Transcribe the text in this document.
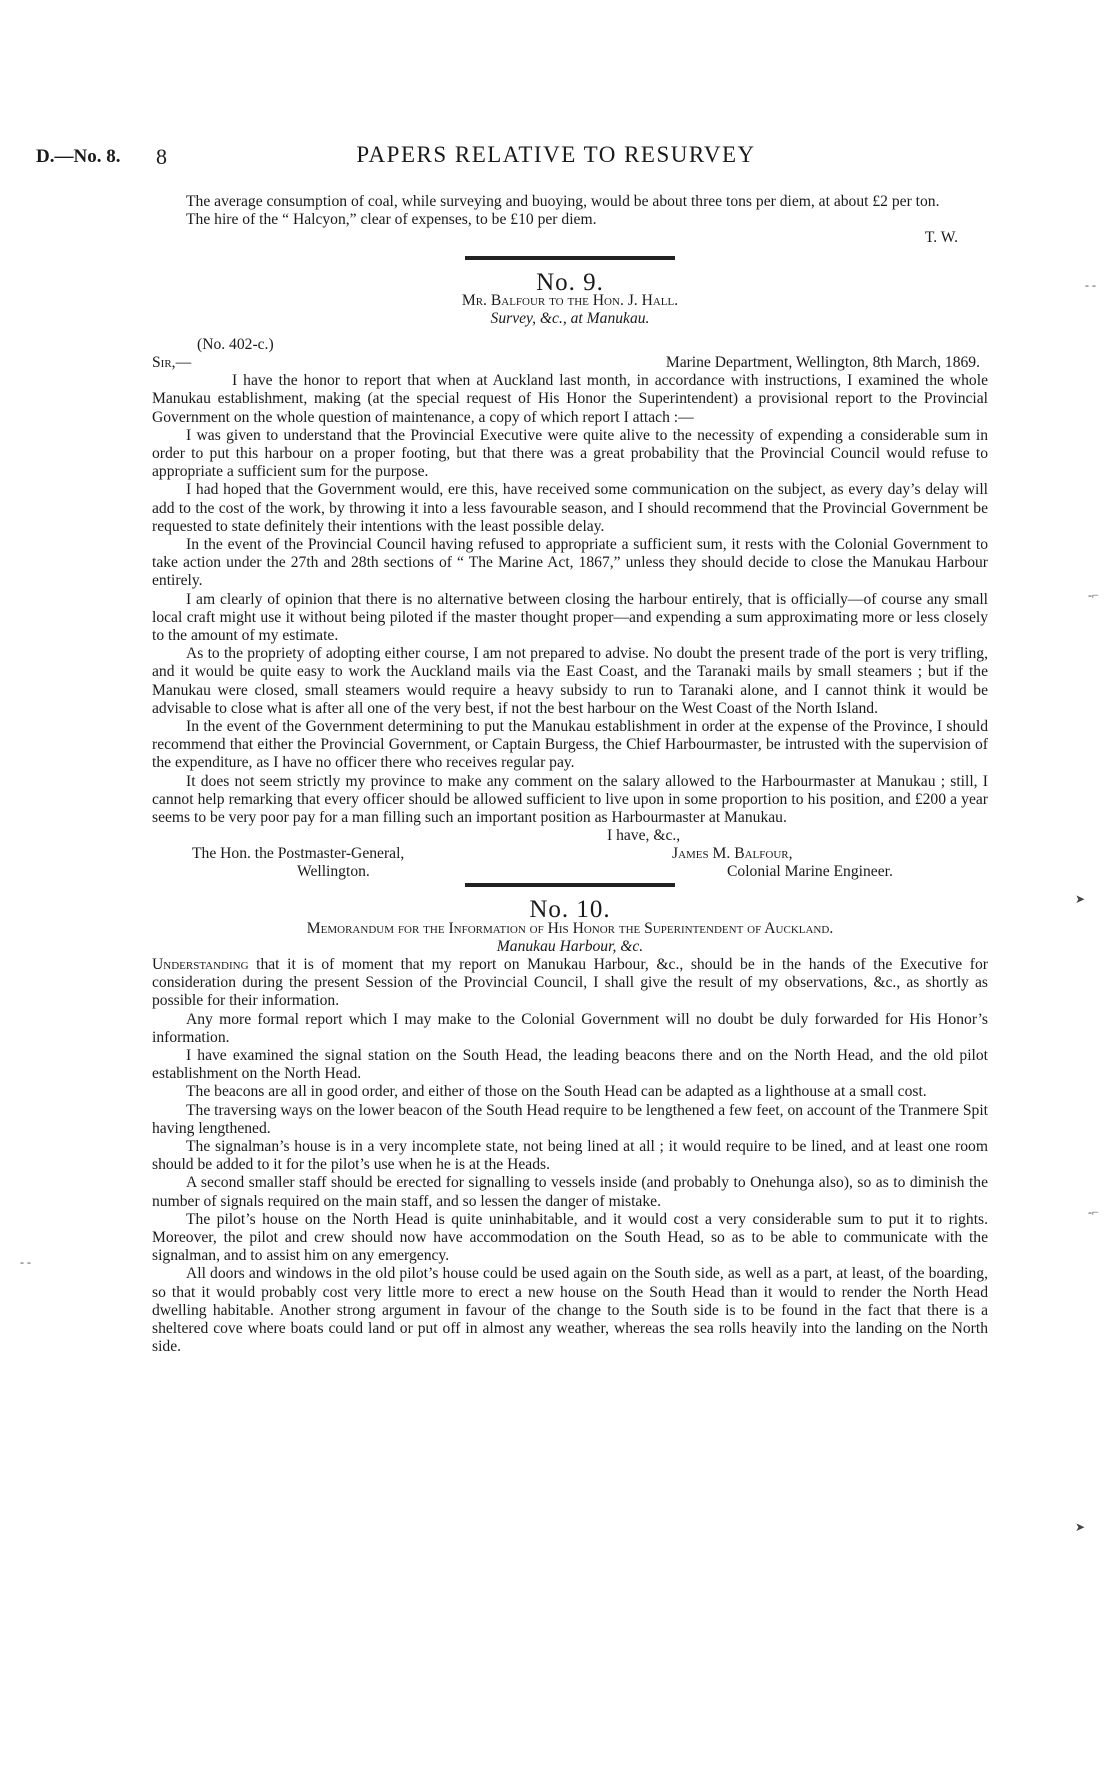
D.—No. 8. 8	PAPERS RELATIVE TO RESURVEY

The average consumption of coal, while surveying and buoying, would be about three tons per diem, at about £2 per ton.

The hire of the “ Halcyon,” clear of expenses, to be £10 per diem.

T. W.
No. 9.
Mr. Balfour to the Hon. J. Hall.
Survey, &c., at Manukau.
(No. 402-c.)
Sir,—	Marine Department, Wellington, 8th March, 1869.

I have the honor to report that when at Auckland last month, in accordance with instructions, I examined the whole Manukau establishment, making (at the special request of His Honor the Superintendent) a provisional report to the Provincial Government on the whole question of maintenance, a copy of which report I attach :—

I was given to understand that the Provincial Executive were quite alive to the necessity of expending a considerable sum in order to put this harbour on a proper footing, but that there was a great probability that the Provincial Council would refuse to appropriate a sufficient sum for the purpose.

I had hoped that the Government would, ere this, have received some communication on the subject, as every day’s delay will add to the cost of the work, by throwing it into a less favourable season, and I should recommend that the Provincial Government be requested to state definitely their intentions with the least possible delay.

In the event of the Provincial Council having refused to appropriate a sufficient sum, it rests with the Colonial Government to take action under the 27th and 28th sections of “ The Marine Act, 1867,” unless they should decide to close the Manukau Harbour entirely.

I am clearly of opinion that there is no alternative between closing the harbour entirely, that is officially—of course any small local craft might use it without being piloted if the master thought proper—and expending a sum approximating more or less closely to the amount of my estimate.

As to the propriety of adopting either course, I am not prepared to advise. No doubt the present trade of the port is very trifling, and it would be quite easy to work the Auckland mails via the East Coast, and the Taranaki mails by small steamers ; but if the Manukau were closed, small steamers would require a heavy subsidy to run to Taranaki alone, and I cannot think it would be advisable to close what is after all one of the very best, if not the best harbour on the West Coast of the North Island.

In the event of the Government determining to put the Manukau establishment in order at the expense of the Province, I should recommend that either the Provincial Government, or Captain Burgess, the Chief Harbourmaster, be intrusted with the supervision of the expenditure, as I have no officer there who receives regular pay.

It does not seem strictly my province to make any comment on the salary allowed to the Harbourmaster at Manukau ; still, I cannot help remarking that every officer should be allowed sufficient to live upon in some proportion to his position, and £200 a year seems to be very poor pay for a man filling such an important position as Harbourmaster at Manukau.

I have, &c.,
The Hon. the Postmaster-General,
Wellington.
James M. Balfour,
Colonial Marine Engineer.
No. 10.
Memorandum for the Information of His Honor the Superintendent of Auckland.
Manukau Harbour, &c.

Understanding that it is of moment that my report on Manukau Harbour, &c., should be in the hands of the Executive for consideration during the present Session of the Provincial Council, I shall give the result of my observations, &c., as shortly as possible for their information.

Any more formal report which I may make to the Colonial Government will no doubt be duly forwarded for His Honor’s information.

I have examined the signal station on the South Head, the leading beacons there and on the North Head, and the old pilot establishment on the North Head.

The beacons are all in good order, and either of those on the South Head can be adapted as a lighthouse at a small cost.

The traversing ways on the lower beacon of the South Head require to be lengthened a few feet, on account of the Tranmere Spit having lengthened.

The signalman’s house is in a very incomplete state, not being lined at all ; it would require to be lined, and at least one room should be added to it for the pilot’s use when he is at the Heads.

A second smaller staff should be erected for signalling to vessels inside (and probably to Onehunga also), so as to diminish the number of signals required on the main staff, and so lessen the danger of mistake.

The pilot’s house on the North Head is quite uninhabitable, and it would cost a very considerable sum to put it to rights. Moreover, the pilot and crew should now have accommodation on the South Head, so as to be able to communicate with the signalman, and to assist him on any emergency.

All doors and windows in the old pilot’s house could be used again on the South side, as well as a part, at least, of the boarding, so that it would probably cost very little more to erect a new house on the South Head than it would to render the North Head dwelling habitable. Another strong argument in favour of the change to the South side is to be found in the fact that there is a sheltered cove where boats could land or put off in almost any weather, whereas the sea rolls heavily into the landing on the North side.

‐ ‑
-⌐
➤
-⌐
‑ ‑
➤
